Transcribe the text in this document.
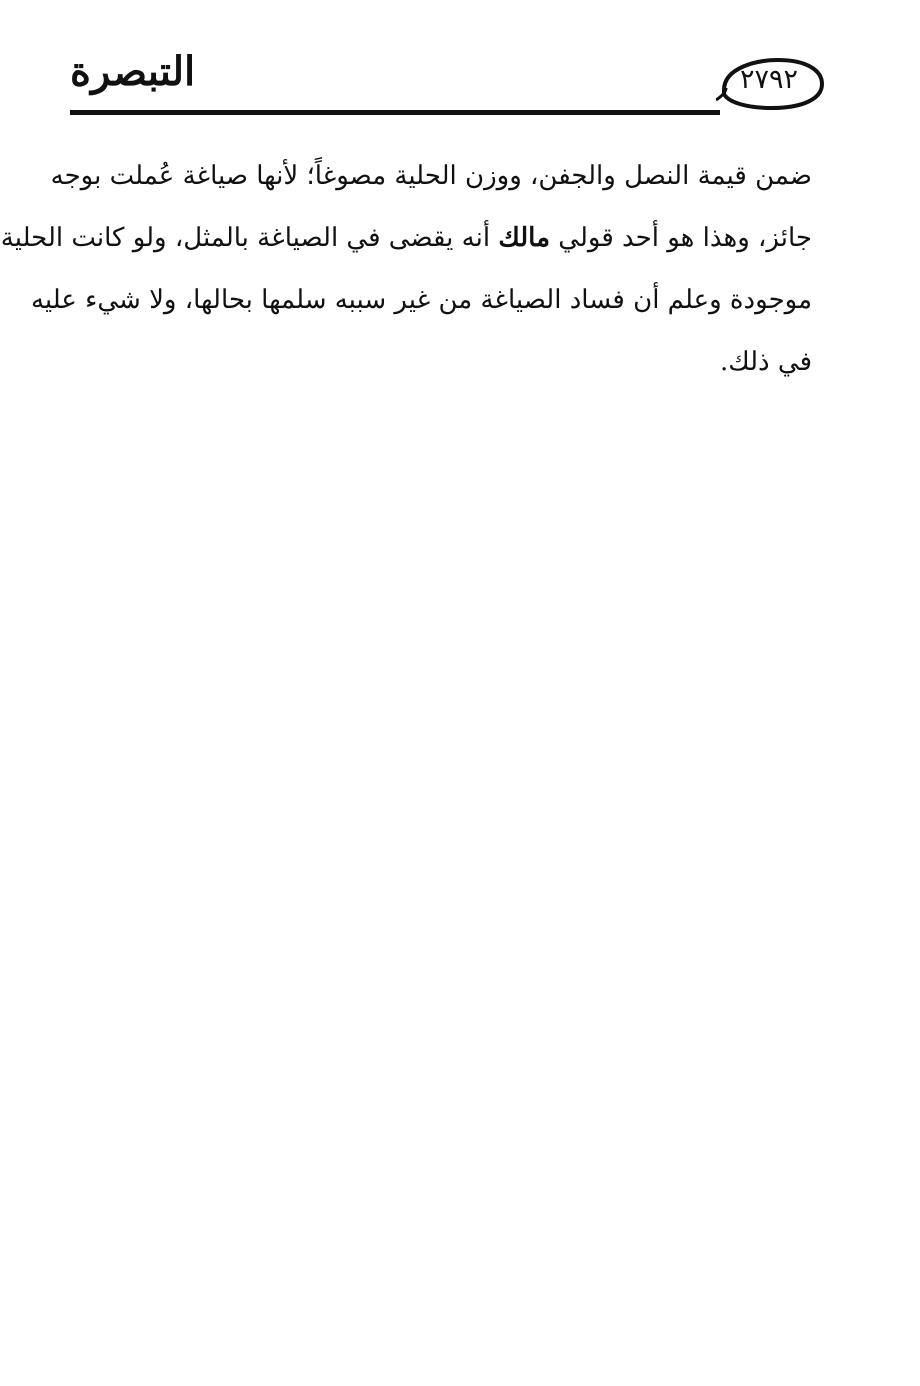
التبصرة	٢٧٩٢
ضمن قيمة النصل والجفن، ووزن الحلية مصوغاً؛ لأنها صياغة عُملت بوجه
جائز، وهذا هو أحد قولي مالك أنه يقضى في الصياغة بالمثل، ولو كانت الحلية
موجودة وعلم أن فساد الصياغة من غير سببه سلمها بحالها، ولا شيء عليه
في ذلك.
